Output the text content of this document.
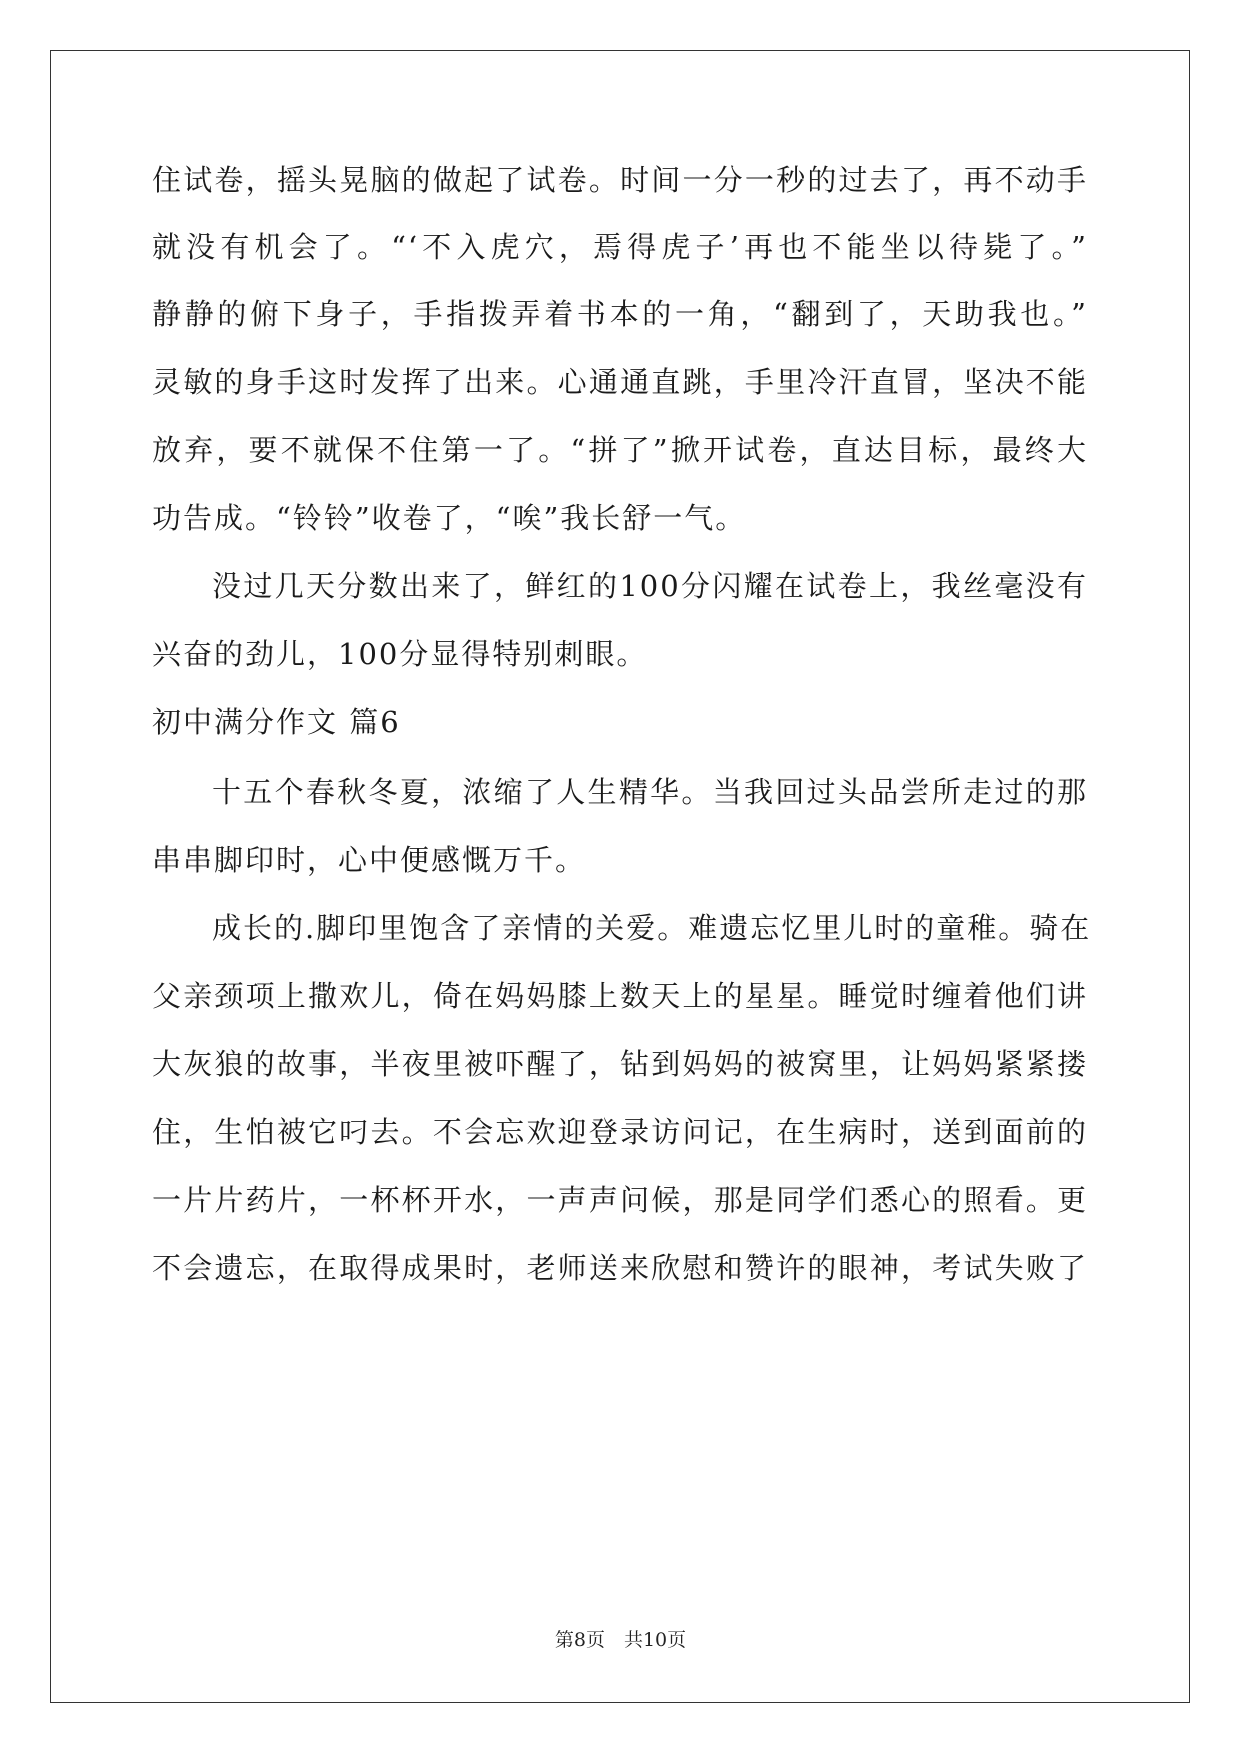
住试卷，摇头晃脑的做起了试卷。时间一分一秒的过去了，再不动手
就没有机会了。“‘不入虎穴，焉得虎子’再也不能坐以待毙了。”
静静的俯下身子，手指拨弄着书本的一角，“翻到了，天助我也。”
灵敏的身手这时发挥了出来。心通通直跳，手里冷汗直冒，坚决不能
放弃，要不就保不住第一了。“拼了”掀开试卷，直达目标，最终大
功告成。“铃铃”收卷了，“唉”我长舒一气。
没过几天分数出来了，鲜红的100分闪耀在试卷上，我丝毫没有
兴奋的劲儿，100分显得特别刺眼。
初中满分作文 篇6
十五个春秋冬夏，浓缩了人生精华。当我回过头品尝所走过的那
串串脚印时，心中便感慨万千。
成长的.脚印里饱含了亲情的关爱。难遗忘忆里儿时的童稚。骑在
父亲颈项上撒欢儿，倚在妈妈膝上数天上的星星。睡觉时缠着他们讲
大灰狼的故事，半夜里被吓醒了，钻到妈妈的被窝里，让妈妈紧紧搂
住，生怕被它叼去。不会忘欢迎登录访问记，在生病时，送到面前的
一片片药片，一杯杯开水，一声声问候，那是同学们悉心的照看。更
不会遗忘，在取得成果时，老师送来欣慰和赞许的眼神，考试失败了
第8页　共10页
